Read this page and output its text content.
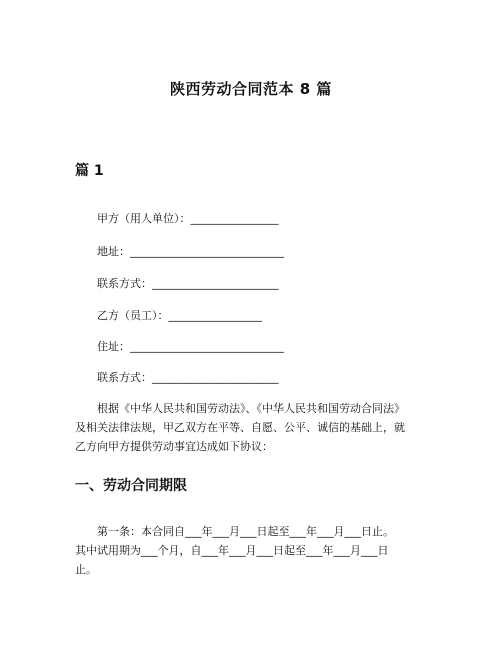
陕西劳动合同范本 8 篇
篇 1

甲方（用人单位）：________________

地址：____________________________

联系方式：_______________________

乙方（员工）：_________________

住址：____________________________

联系方式：_______________________

根据《中华人民共和国劳动法》、《中华人民共和国劳动合同法》
及相关法律法规，甲乙双方在平等、自愿、公平、诚信的基础上，就
乙方向甲方提供劳动事宜达成如下协议：
一、劳动合同期限
第一条：本合同自___年___月___日起至___年___月___日止。
其中试用期为___个月，自___年___月___日起至___年___月___日
止。
